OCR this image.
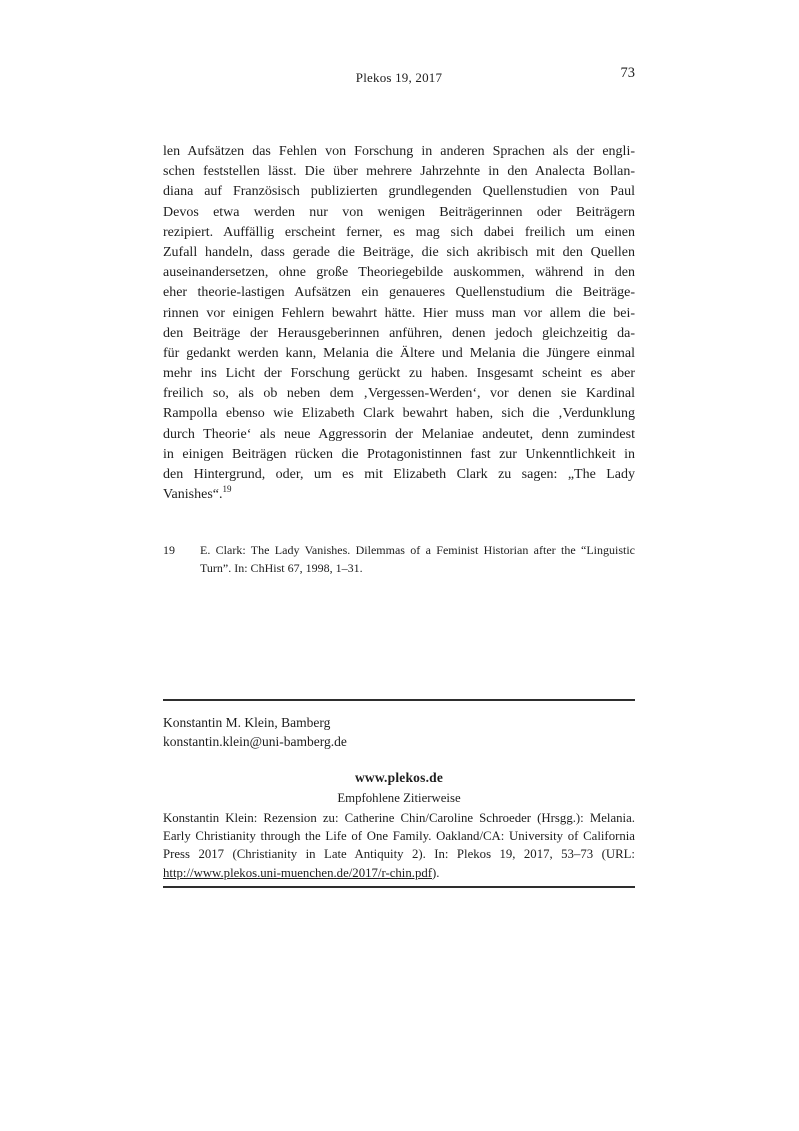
Plekos 19, 2017	73
len Aufsätzen das Fehlen von Forschung in anderen Sprachen als der engli-
schen feststellen lässt. Die über mehrere Jahrzehnte in den Analecta Bollan-
diana auf Französisch publizierten grundlegenden Quellenstudien von Paul
Devos etwa werden nur von wenigen Beiträgerinnen oder Beiträgern
rezipiert. Auffällig erscheint ferner, es mag sich dabei freilich um einen
Zufall handeln, dass gerade die Beiträge, die sich akribisch mit den Quellen
auseinandersetzen, ohne große Theoriegebilde auskommen, während in den
eher theorie-lastigen Aufsätzen ein genaueres Quellenstudium die Beiträge-
rinnen vor einigen Fehlern bewahrt hätte. Hier muss man vor allem die bei-
den Beiträge der Herausgeberinnen anführen, denen jedoch gleichzeitig da-
für gedankt werden kann, Melania die Ältere und Melania die Jüngere einmal
mehr ins Licht der Forschung gerückt zu haben. Insgesamt scheint es aber
freilich so, als ob neben dem ‚Vergessen-Werden‘, vor denen sie Kardinal
Rampolla ebenso wie Elizabeth Clark bewahrt haben, sich die ‚Verdunklung
durch Theorie‘ als neue Aggressorin der Melaniae andeutet, denn zumindest
in einigen Beiträgen rücken die Protagonistinnen fast zur Unkenntlichkeit in
den Hintergrund, oder, um es mit Elizabeth Clark zu sagen: „The Lady
Vanishes“.$^{19}$
19	E. Clark: The Lady Vanishes. Dilemmas of a Feminist Historian after the “Linguistic
Turn”. In: ChHist 67, 1998, 1–31.
Konstantin M. Klein, Bamberg
konstantin.klein@uni-bamberg.de
www.plekos.de
Empfohlene Zitierweise
Konstantin Klein: Rezension zu: Catherine Chin/Caroline Schroeder (Hrsgg.): Melania.
Early Christianity through the Life of One Family. Oakland/CA: University of California
Press 2017 (Christianity in Late Antiquity 2). In: Plekos 19, 2017, 53–73 (URL:
http://www.plekos.uni-muenchen.de/2017/r-chin.pdf).
